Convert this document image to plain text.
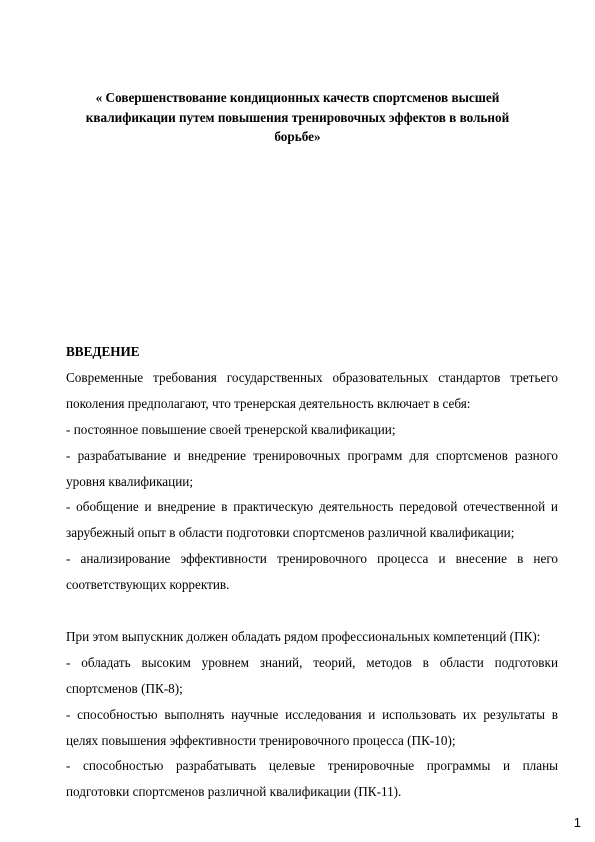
« Совершенствование кондиционных качеств спортсменов высшей квалификации путем повышения тренировочных эффектов в вольной борьбе»

ВВЕДЕНИЕ

Современные требования государственных образовательных стандартов третьего поколения предполагают, что тренерская деятельность включает в себя:

- постоянное повышение своей тренерской квалификации;

- разрабатывание и внедрение тренировочных программ для спортсменов разного уровня квалификации;

- обобщение и внедрение в практическую деятельность передовой отечественной и зарубежный опыт в области подготовки спортсменов различной квалификации;

- анализирование эффективности тренировочного процесса и внесение в него соответствующих корректив.

При этом выпускник должен обладать рядом профессиональных компетенций (ПК):

- обладать высоким уровнем знаний, теорий, методов в области подготовки спортсменов (ПК-8);

- способностью выполнять научные исследования и использовать их результаты в целях повышения эффективности тренировочного процесса (ПК-10);

- способностью разрабатывать целевые тренировочные программы и планы подготовки спортсменов различной квалификации (ПК-11).

1
